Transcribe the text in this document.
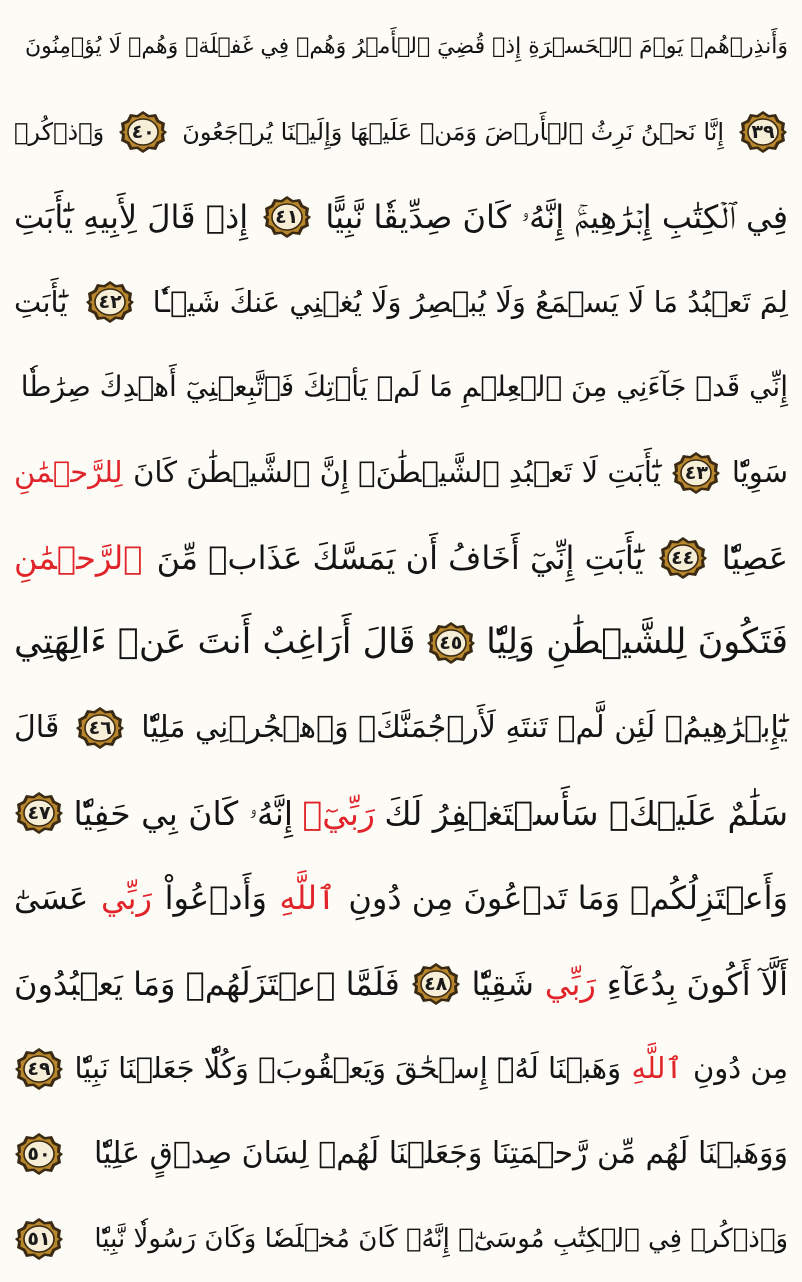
وَأَنذِرۡهُمۡ يَوۡمَ ٱلۡحَسۡرَةِ إِذۡ قُضِيَ ٱلۡأَمۡرُ وَهُمۡ فِي غَفۡلَةٖ وَهُمۡ لَا يُؤۡمِنُونَ
٣٩
إِنَّا نَحۡنُ نَرِثُ ٱلۡأَرۡضَ وَمَنۡ عَلَيۡهَا وَإِلَيۡنَا يُرۡجَعُونَ
٤٠
وَٱذۡكُرۡ
فِي ٱلۡكِتَٰبِ إِبۡرَٰهِيمَۚ إِنَّهُۥ كَانَ صِدِّيقٗا نَّبِيًّا
٤١
إِذۡ قَالَ لِأَبِيهِ يَٰٓأَبَتِ
لِمَ تَعۡبُدُ مَا لَا يَسۡمَعُ وَلَا يُبۡصِرُ وَلَا يُغۡنِي عَنكَ شَيۡـٔٗا
٤٢
يَٰٓأَبَتِ
إِنِّي قَدۡ جَآءَنِي مِنَ ٱلۡعِلۡمِ مَا لَمۡ يَأۡتِكَ فَٱتَّبِعۡنِيٓ أَهۡدِكَ صِرَٰطٗا
سَوِيّٗا
٤٣
يَٰٓأَبَتِ لَا تَعۡبُدِ ٱلشَّيۡطَٰنَۖ إِنَّ ٱلشَّيۡطَٰنَ كَانَ
لِلرَّحۡمَٰنِ
عَصِيّٗا
٤٤
يَٰٓأَبَتِ إِنِّيٓ أَخَافُ أَن يَمَسَّكَ عَذَابٞ مِّنَ
ٱلرَّحۡمَٰنِ
فَتَكُونَ لِلشَّيۡطَٰنِ وَلِيّٗا
٤٥
قَالَ أَرَاغِبٌ أَنتَ عَنۡ ءَالِهَتِي
يَٰٓإِبۡرَٰهِيمُۖ لَئِن لَّمۡ تَنتَهِ لَأَرۡجُمَنَّكَۖ وَٱهۡجُرۡنِي مَلِيّٗا
٤٦
قَالَ
سَلَٰمٌ عَلَيۡكَۖ سَأَسۡتَغۡفِرُ لَكَ
رَبِّيٓۖ
إِنَّهُۥ كَانَ بِي حَفِيّٗا
٤٧
وَأَعۡتَزِلُكُمۡ وَمَا تَدۡعُونَ مِن دُونِ
ٱللَّهِ
وَأَدۡعُواْ
رَبِّي
عَسَىٰٓ
أَلَّآ أَكُونَ بِدُعَآءِ
رَبِّي
شَقِيّٗا
٤٨
فَلَمَّا ٱعۡتَزَلَهُمۡ وَمَا يَعۡبُدُونَ
مِن دُونِ
ٱللَّهِ
وَهَبۡنَا لَهُۥٓ إِسۡحَٰقَ وَيَعۡقُوبَۖ وَكُلّٗا جَعَلۡنَا نَبِيّٗا
٤٩
وَوَهَبۡنَا لَهُم مِّن رَّحۡمَتِنَا وَجَعَلۡنَا لَهُمۡ لِسَانَ صِدۡقٍ عَلِيّٗا
٥٠
وَٱذۡكُرۡ فِي ٱلۡكِتَٰبِ مُوسَىٰٓۚ إِنَّهُۥ كَانَ مُخۡلَصٗا وَكَانَ رَسُولٗا نَّبِيّٗا
٥١
